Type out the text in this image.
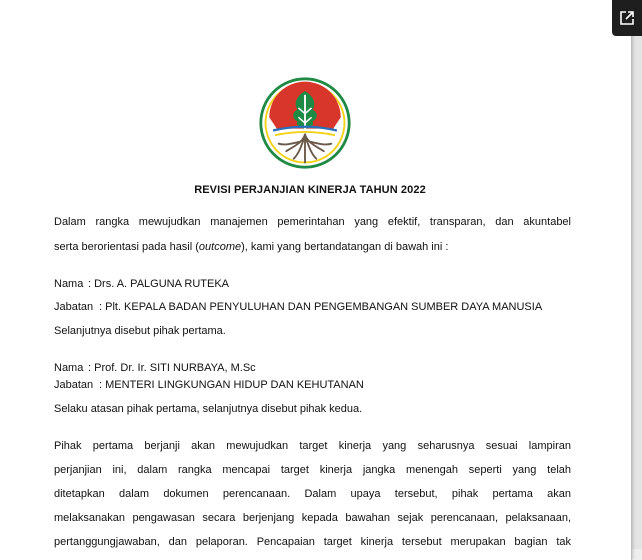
REVISI PERJANJIAN KINERJA TAHUN 2022
Dalam rangka mewujudkan manajemen pemerintahan yang efektif, transparan, dan akuntabel
serta berorientasi pada hasil (outcome), kami yang bertandatangan di bawah ini :
Nama : Drs. A. PALGUNA RUTEKA
Jabatan : Plt. KEPALA BADAN PENYULUHAN DAN PENGEMBANGAN SUMBER DAYA MANUSIA
Selanjutnya disebut pihak pertama.
Nama : Prof. Dr. Ir. SITI NURBAYA, M.Sc
Jabatan : MENTERI LINGKUNGAN HIDUP DAN KEHUTANAN
Selaku atasan pihak pertama, selanjutnya disebut pihak kedua.
Pihak pertama berjanji akan mewujudkan target kinerja yang seharusnya sesuai lampiran
perjanjian ini, dalam rangka mencapai target kinerja jangka menengah seperti yang telah
ditetapkan dalam dokumen perencanaan. Dalam upaya tersebut, pihak pertama akan
melaksanakan pengawasan secara berjenjang kepada bawahan sejak perencanaan, pelaksanaan,
pertanggungjawaban, dan pelaporan. Pencapaian target kinerja tersebut merupakan bagian tak
